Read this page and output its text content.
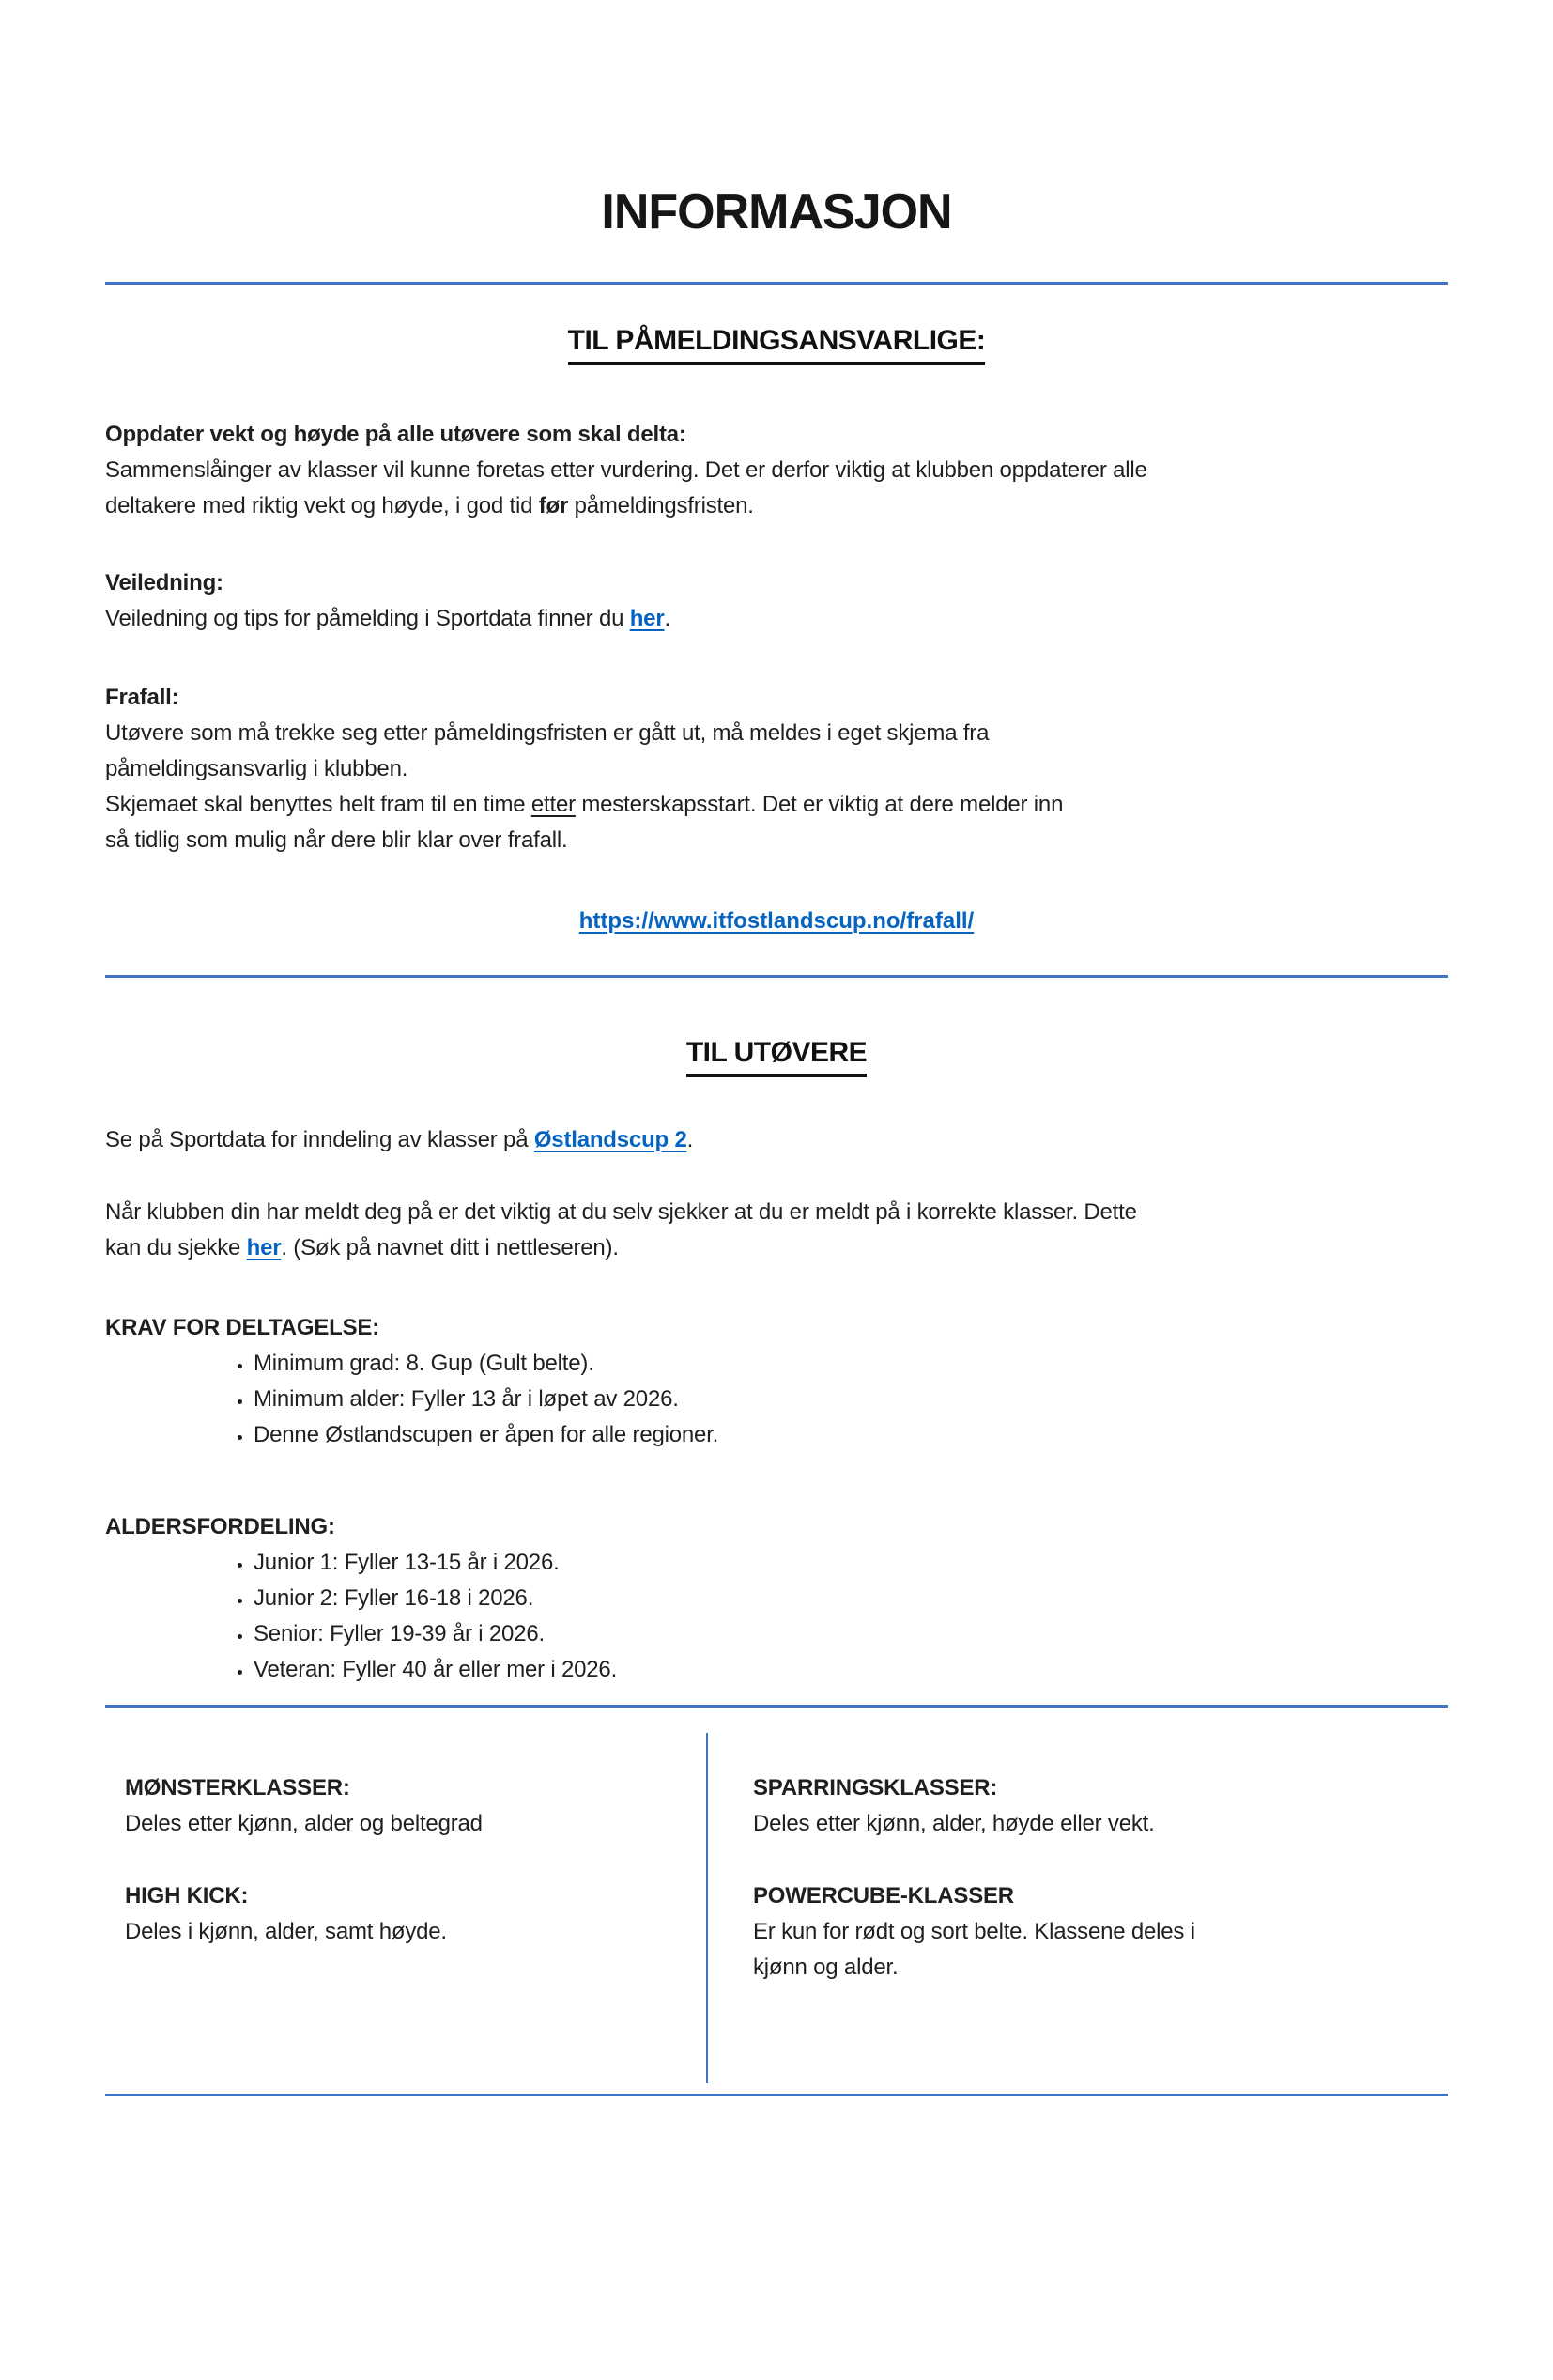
INFORMASJON
TIL PÅMELDINGSANSVARLIGE:
Oppdater vekt og høyde på alle utøvere som skal delta:
Sammenslåinger av klasser vil kunne foretas etter vurdering. Det er derfor viktig at klubben oppdaterer alle
deltakere med riktig vekt og høyde, i god tid før påmeldingsfristen.
Veiledning:
Veiledning og tips for påmelding i Sportdata finner du her.
Frafall:
Utøvere som må trekke seg etter påmeldingsfristen er gått ut, må meldes i eget skjema fra
påmeldingsansvarlig i klubben.
Skjemaet skal benyttes helt fram til en time etter mesterskapsstart. Det er viktig at dere melder inn
så tidlig som mulig når dere blir klar over frafall.
https://www.itfostlandscup.no/frafall/
TIL UTØVERE
Se på Sportdata for inndeling av klasser på Østlandscup 2.
Når klubben din har meldt deg på er det viktig at du selv sjekker at du er meldt på i korrekte klasser. Dette
kan du sjekke her. (Søk på navnet ditt i nettleseren).
KRAV FOR DELTAGELSE:
• Minimum grad: 8. Gup (Gult belte).
• Minimum alder: Fyller 13 år i løpet av 2026.
• Denne Østlandscupen er åpen for alle regioner.
ALDERSFORDELING:
• Junior 1: Fyller 13-15 år i 2026.
• Junior 2: Fyller 16-18 i 2026.
• Senior: Fyller 19-39 år i 2026.
• Veteran: Fyller 40 år eller mer i 2026.
MØNSTERKLASSER:
Deles etter kjønn, alder og beltegrad
HIGH KICK:
Deles i kjønn, alder, samt høyde.
SPARRINGSKLASSER:
Deles etter kjønn, alder, høyde eller vekt.
POWERCUBE-KLASSER
Er kun for rødt og sort belte. Klassene deles i
kjønn og alder.
